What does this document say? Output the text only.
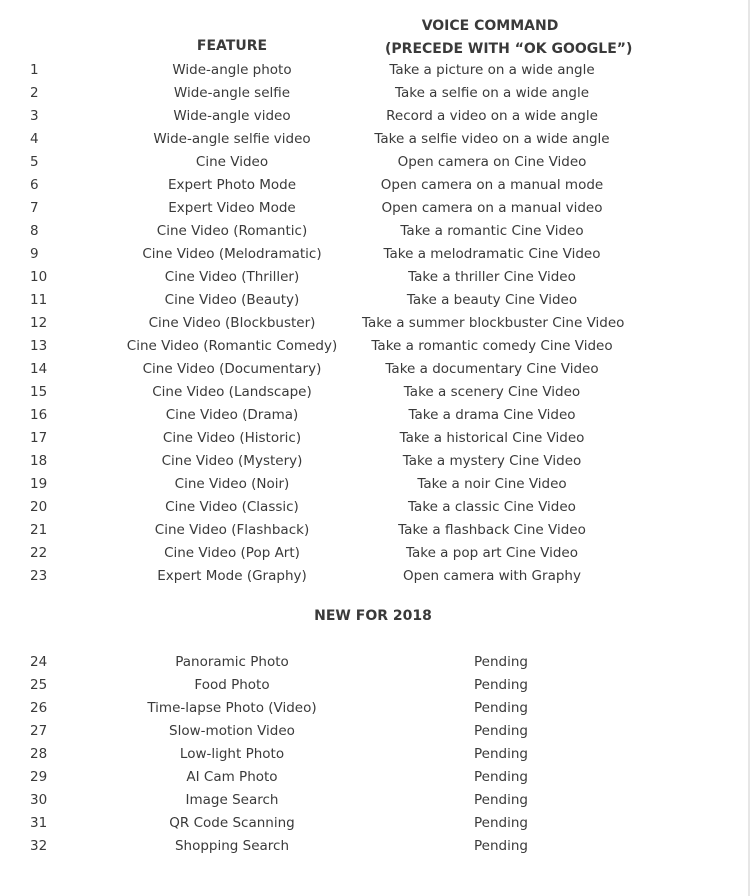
FEATURE
VOICE COMMAND
(PRECEDE WITH “OK GOOGLE”)
1	Wide-angle photo	Take a picture on a wide angle
2	Wide-angle selfie	Take a selfie on a wide angle
3	Wide-angle video	Record a video on a wide angle
4	Wide-angle selfie video	Take a selfie video on a wide angle
5	Cine Video	Open camera on Cine Video
6	Expert Photo Mode	Open camera on a manual mode
7	Expert Video Mode	Open camera on a manual video
8	Cine Video (Romantic)	Take a romantic Cine Video
9	Cine Video (Melodramatic)	Take a melodramatic Cine Video
10	Cine Video (Thriller)	Take a thriller Cine Video
11	Cine Video (Beauty)	Take a beauty Cine Video
12	Cine Video (Blockbuster)	Take a summer blockbuster Cine Video
13	Cine Video (Romantic Comedy)	Take a romantic comedy Cine Video
14	Cine Video (Documentary)	Take a documentary Cine Video
15	Cine Video (Landscape)	Take a scenery Cine Video
16	Cine Video (Drama)	Take a drama Cine Video
17	Cine Video (Historic)	Take a historical Cine Video
18	Cine Video (Mystery)	Take a mystery Cine Video
19	Cine Video (Noir)	Take a noir Cine Video
20	Cine Video (Classic)	Take a classic Cine Video
21	Cine Video (Flashback)	Take a flashback Cine Video
22	Cine Video (Pop Art)	Take a pop art Cine Video
23	Expert Mode (Graphy)	Open camera with Graphy
NEW FOR 2018
24	Panoramic Photo	Pending
25	Food Photo	Pending
26	Time-lapse Photo (Video)	Pending
27	Slow-motion Video	Pending
28	Low-light Photo	Pending
29	AI Cam Photo	Pending
30	Image Search	Pending
31	QR Code Scanning	Pending
32	Shopping Search	Pending
